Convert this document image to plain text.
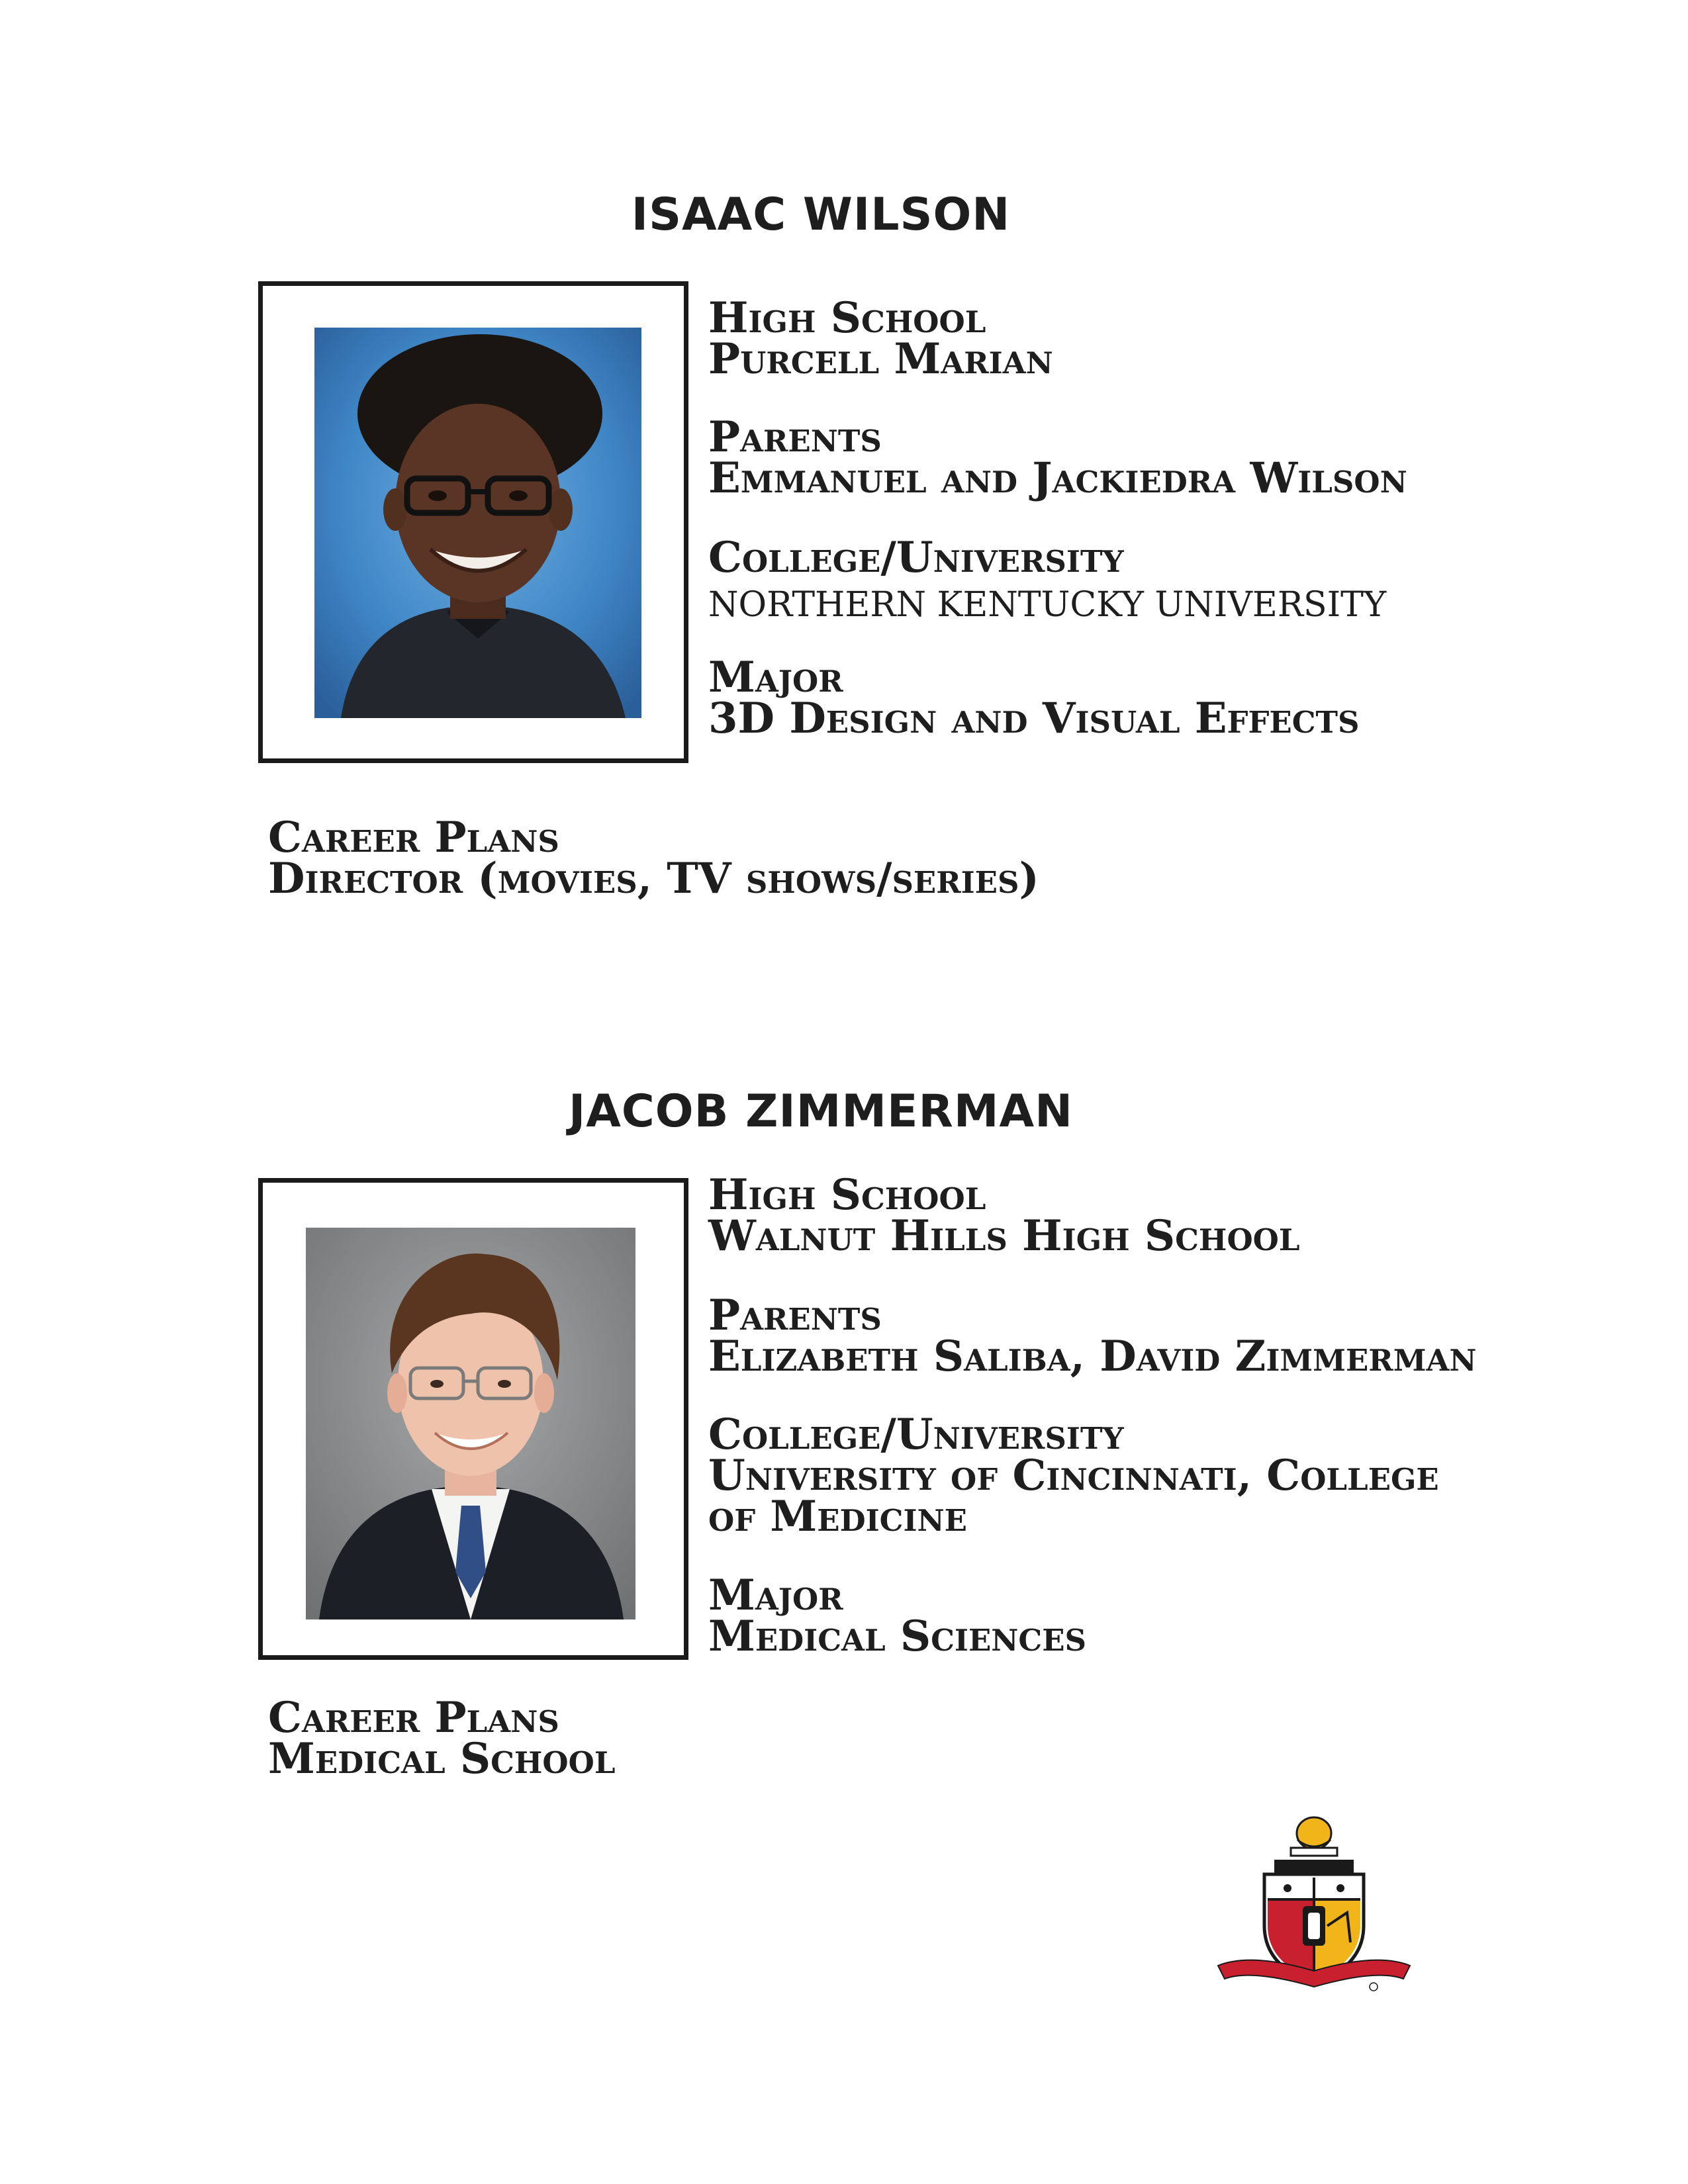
ISAAC WILSON
High School
Purcell Marian
Parents
Emmanuel and Jackiedra Wilson
College/University
NORTHERN KENTUCKY UNIVERSITY
Major
3D Design and Visual Effects
Career Plans
Director (movies, TV shows/series)
JACOB ZIMMERMAN
High School
Walnut Hills High School
Parents
Elizabeth Saliba, David Zimmerman
College/University
University of Cincinnati, College
of Medicine
Major
Medical Sciences
Career Plans
Medical School
